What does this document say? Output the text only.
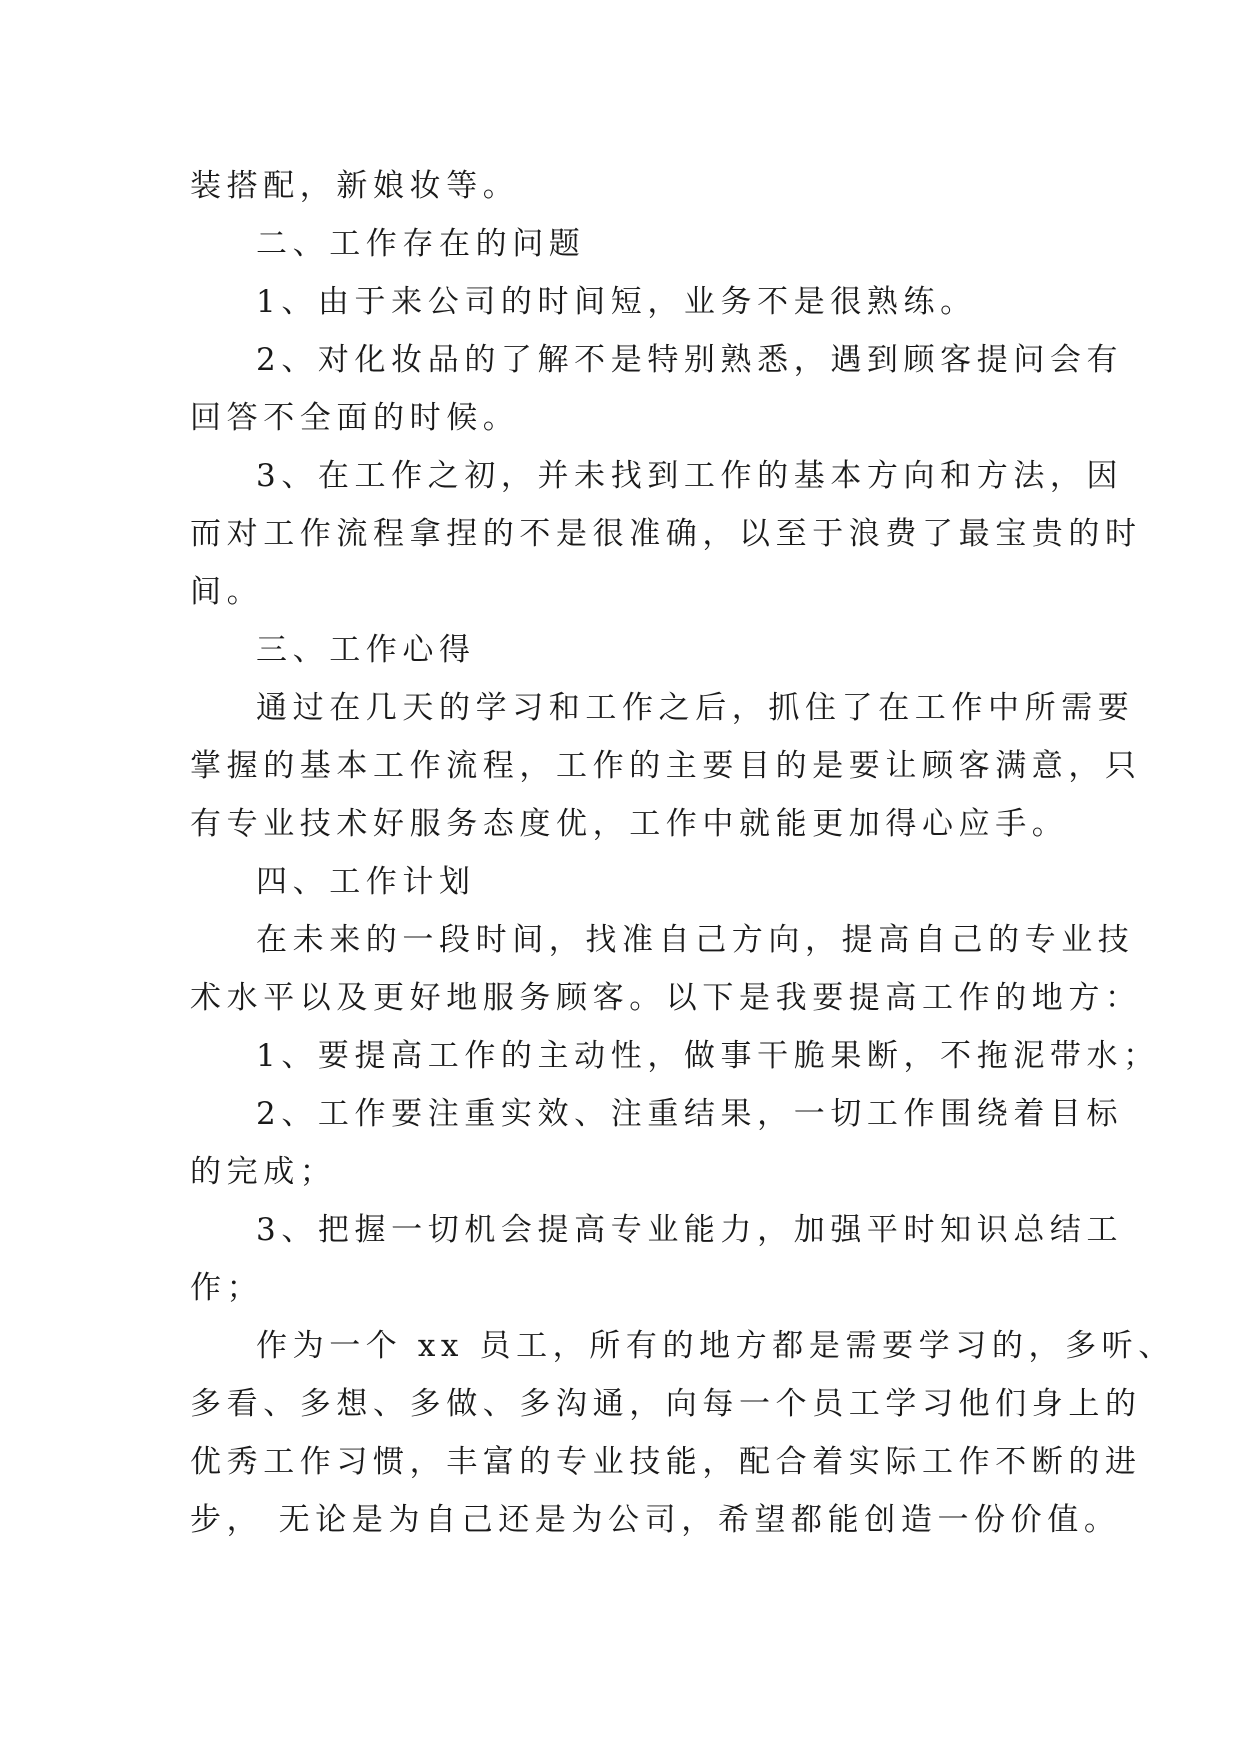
装搭配，新娘妆等。
二、工作存在的问题
1、由于来公司的时间短，业务不是很熟练。
2、对化妆品的了解不是特别熟悉，遇到顾客提问会有
回答不全面的时候。
3、在工作之初，并未找到工作的基本方向和方法，因
而对工作流程拿捏的不是很准确，以至于浪费了最宝贵的时
间。
三、工作心得
通过在几天的学习和工作之后，抓住了在工作中所需要
掌握的基本工作流程，工作的主要目的是要让顾客满意，只
有专业技术好服务态度优，工作中就能更加得心应手。
四、工作计划
在未来的一段时间，找准自己方向，提高自己的专业技
术水平以及更好地服务顾客。以下是我要提高工作的地方：
1、要提高工作的主动性，做事干脆果断，不拖泥带水；
2、工作要注重实效、注重结果，一切工作围绕着目标
的完成；
3、把握一切机会提高专业能力，加强平时知识总结工
作；
作为一个 xx 员工，所有的地方都是需要学习的，多听、
多看、多想、多做、多沟通，向每一个员工学习他们身上的
优秀工作习惯，丰富的专业技能，配合着实际工作不断的进
步， 无论是为自己还是为公司，希望都能创造一份价值。
